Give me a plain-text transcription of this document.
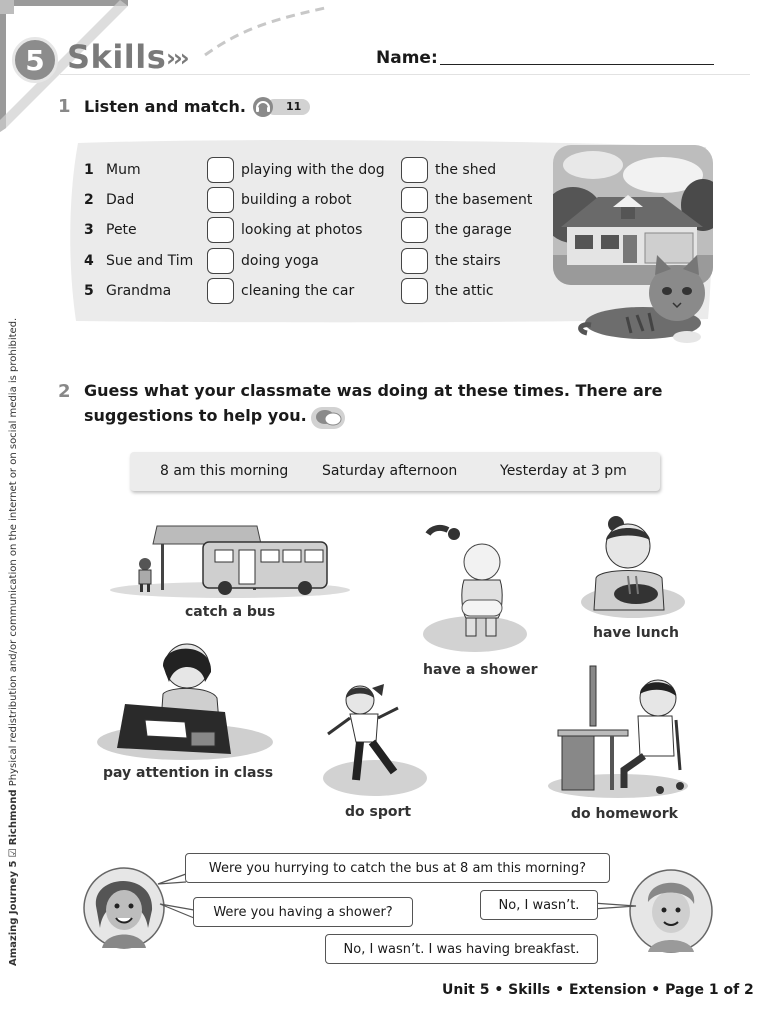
5 Skills ›››	Name:
1 Listen and match.	11
1 Mum	playing with the dog	the shed
2 Dad	building a robot	the basement
3 Pete	looking at photos	the garage
4 Sue and Tim	doing yoga	the stairs
5 Grandma	cleaning the car	the attic
2 Guess what your classmate was doing at these times. There are
suggestions to help you.
8 am this morning Saturday afternoon	Yesterday at 3 pm
catch a bus
have a shower
have lunch
pay attention in class
do sport	do homework
Were you hurrying to catch the bus at 8 am this morning?
Were you having a shower?	No, I wasn’t.
No, I wasn’t. I was having breakfast.
Amazing Journey 5 ☑ Richmond Physical redistribution and/or communication on the internet or on social media is prohibited.
Unit 5 • Skills • Extension • Page 1 of 2
